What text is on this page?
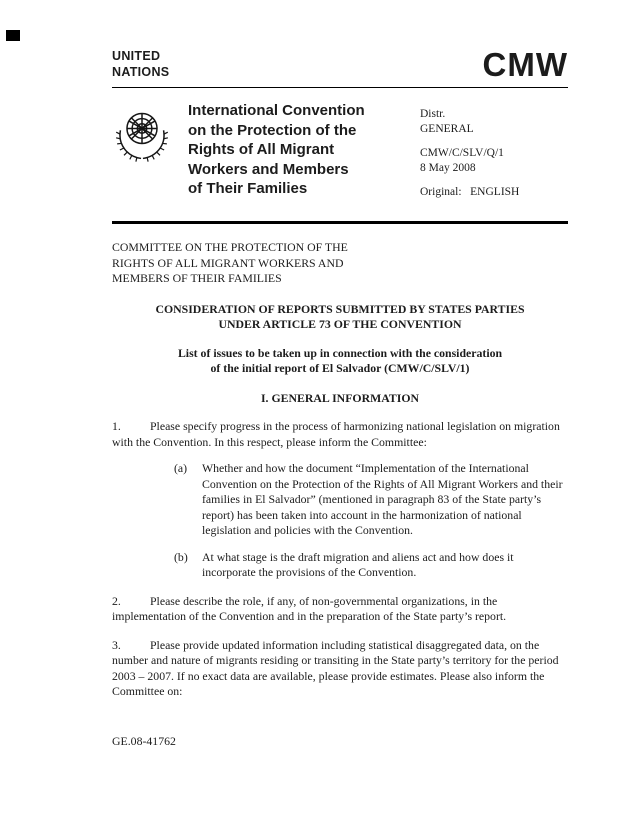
UNITED
NATIONS	CMW
International Convention
on the Protection of the
Rights of All Migrant
Workers and Members
of Their Families
Distr.
GENERAL
CMW/C/SLV/Q/1
8 May 2008
Original: ENGLISH
COMMITTEE ON THE PROTECTION OF THE
RIGHTS OF ALL MIGRANT WORKERS AND
MEMBERS OF THEIR FAMILIES
CONSIDERATION OF REPORTS SUBMITTED BY STATES PARTIES
UNDER ARTICLE 73 OF THE CONVENTION
List of issues to be taken up in connection with the consideration
of the initial report of El Salvador (CMW/C/SLV/1)
I. GENERAL INFORMATION

1. Please specify progress in the process of harmonizing national legislation on migration with the Convention. In this respect, please inform the Committee:

(a) Whether and how the document “Implementation of the International Convention on the Protection of the Rights of All Migrant Workers and their families in El Salvador” (mentioned in paragraph 83 of the State party’s report) has been taken into account in the harmonization of national legislation and policies with the Convention.

(b) At what stage is the draft migration and aliens act and how does it incorporate the provisions of the Convention.

2. Please describe the role, if any, of non-governmental organizations, in the implementation of the Convention and in the preparation of the State party’s report.

3. Please provide updated information including statistical disaggregated data, on the number and nature of migrants residing or transiting in the State party’s territory for the period 2003 – 2007. If no exact data are available, please provide estimates. Please also inform the Committee on:

GE.08-41762
